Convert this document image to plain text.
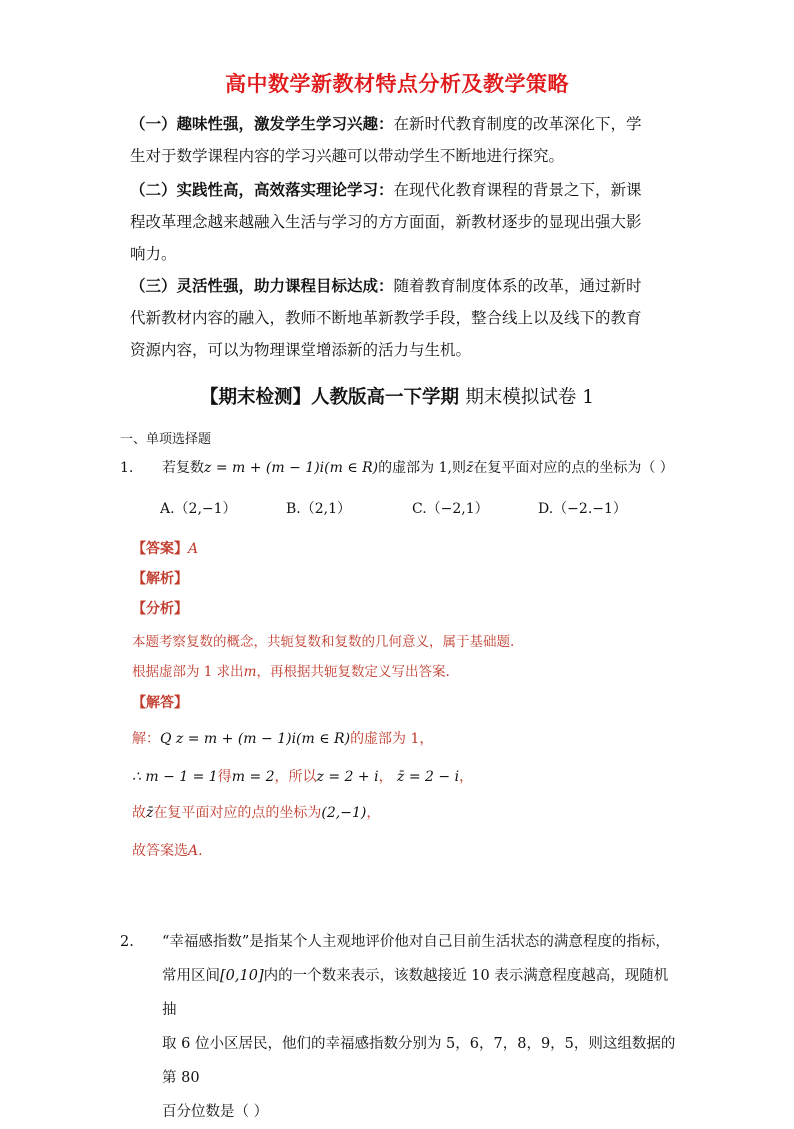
高中数学新教材特点分析及教学策略
（一）趣味性强，激发学生学习兴趣：在新时代教育制度的改革深化下，学
生对于数学课程内容的学习兴趣可以带动学生不断地进行探究。
（二）实践性高，高效落实理论学习：在现代化教育课程的背景之下，新课
程改革理念越来越融入生活与学习的方方面面，新教材逐步的显现出强大影
响力。
（三）灵活性强，助力课程目标达成：随着教育制度体系的改革，通过新时
代新教材内容的融入，教师不断地革新教学手段，整合线上以及线下的教育
资源内容，可以为物理课堂增添新的活力与生机。
【期末检测】人教版高一下学期 期末模拟试卷 1
一、单项选择题
1. 若复数z = m + (m − 1)i(m ∈ R)的虚部为 1,则z̄在复平面对应的点的坐标为（ ）
A.（2,−1）	B.（2,1）	C.（−2,1）	D.（−2.−1）
【答案】A
【解析】
【分析】
本题考察复数的概念，共轭复数和复数的几何意义，属于基础题.
根据虚部为 1 求出m，再根据共轭复数定义写出答案.
【解答】
解：Q z = m + (m − 1)i(m ∈ R)的虚部为 1，
∴ m − 1 = 1得m = 2，所以z = 2 + i， z̄ = 2 − i，
故z̄在复平面对应的点的坐标为(2,−1)，
故答案选A.
2. “幸福感指数”是指某个人主观地评价他对自己目前生活状态的满意程度的指标，
常用区间[0,10]内的一个数来表示，该数越接近 10 表示满意程度越高，现随机抽
取 6 位小区居民，他们的幸福感指数分别为 5，6，7，8，9，5，则这组数据的第 80
百分位数是（ ）
